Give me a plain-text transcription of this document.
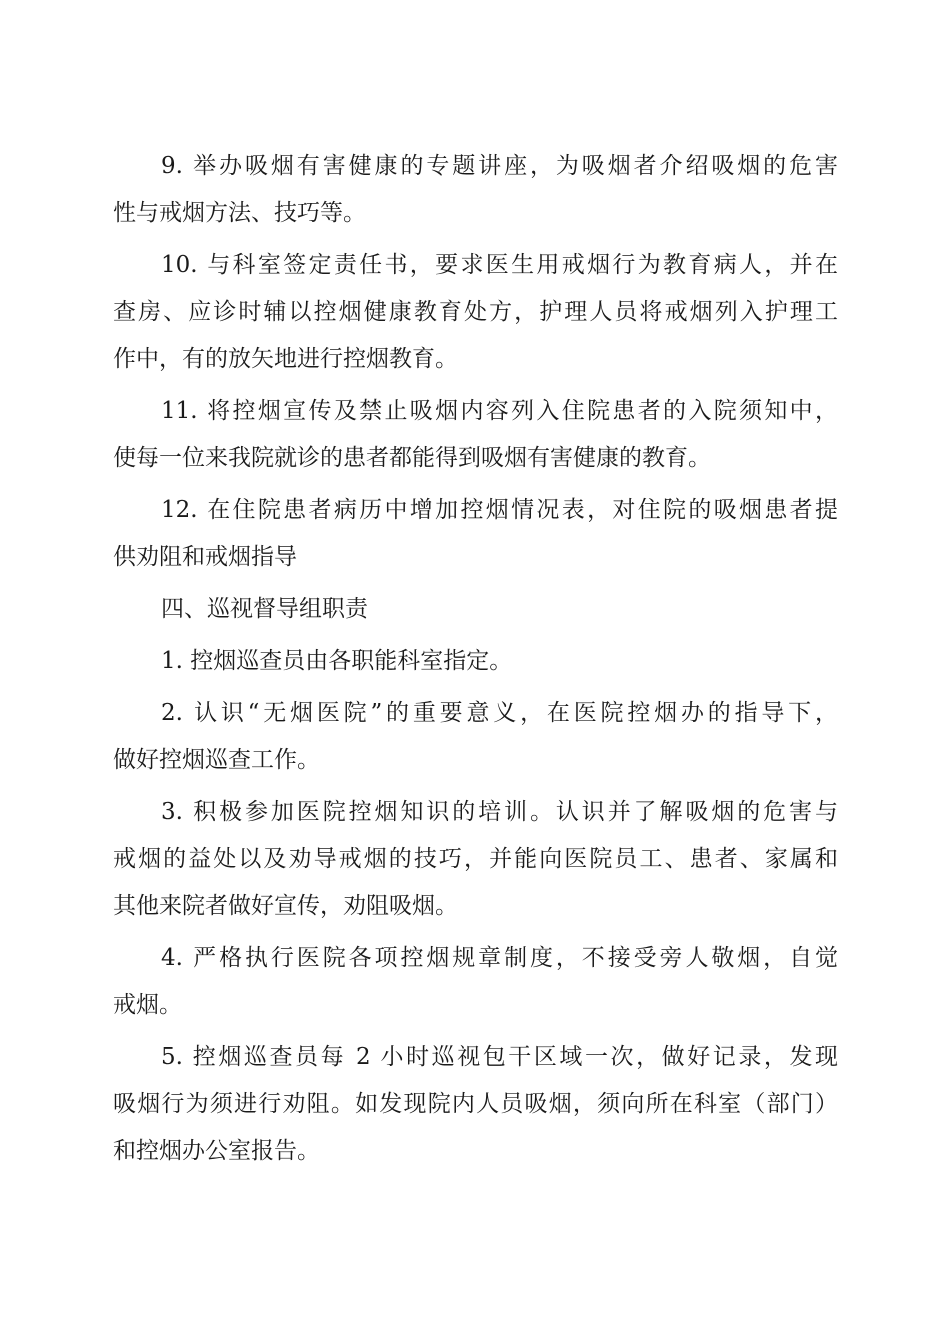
9. 举办吸烟有害健康的专题讲座，为吸烟者介绍吸烟的危害
性与戒烟方法、技巧等。
10. 与科室签定责任书，要求医生用戒烟行为教育病人，并在
查房、应诊时辅以控烟健康教育处方，护理人员将戒烟列入护理工
作中，有的放矢地进行控烟教育。
11. 将控烟宣传及禁止吸烟内容列入住院患者的入院须知中，
使每一位来我院就诊的患者都能得到吸烟有害健康的教育。
12. 在住院患者病历中增加控烟情况表，对住院的吸烟患者提
供劝阻和戒烟指导
四、巡视督导组职责
1. 控烟巡查员由各职能科室指定。
2. 认识“无烟医院”的重要意义，在医院控烟办的指导下，
做好控烟巡查工作。
3. 积极参加医院控烟知识的培训。认识并了解吸烟的危害与
戒烟的益处以及劝导戒烟的技巧，并能向医院员工、患者、家属和
其他来院者做好宣传，劝阻吸烟。
4. 严格执行医院各项控烟规章制度，不接受旁人敬烟，自觉
戒烟。
5. 控烟巡查员每 2 小时巡视包干区域一次，做好记录，发现
吸烟行为须进行劝阻。如发现院内人员吸烟，须向所在科室（部门）
和控烟办公室报告。
